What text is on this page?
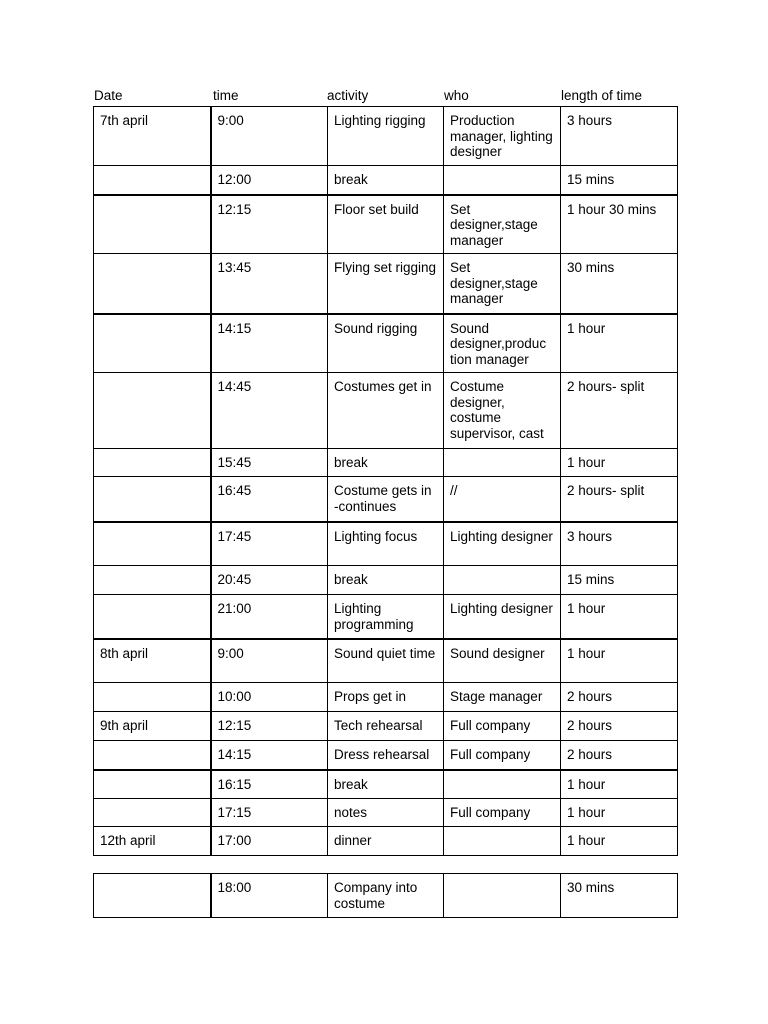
Date	time	activity	who	length of time
7th april	9:00	Lighting rigging	Production manager, lighting designer	3 hours
	12:00	break		15 mins
	12:15	Floor set build	Set designer,stage manager	1 hour 30 mins
	13:45	Flying set rigging	Set designer,stage manager	30 mins
	14:15	Sound rigging	Sound designer,produc tion manager	1 hour
	14:45	Costumes get in	Costume designer, costume supervisor, cast	2 hours- split
	15:45	break		1 hour
	16:45	Costume gets in -continues	//	2 hours- split
	17:45	Lighting focus	Lighting designer	3 hours
	20:45	break		15 mins
	21:00	Lighting programming	Lighting designer	1 hour
8th april	9:00	Sound quiet time	Sound designer	1 hour
	10:00	Props get in	Stage manager	2 hours
9th april	12:15	Tech rehearsal	Full company	2 hours
	14:15	Dress rehearsal	Full company	2 hours
	16:15	break		1 hour
	17:15	notes	Full company	1 hour
12th april	17:00	dinner		1 hour
	18:00	Company into costume		30 mins
